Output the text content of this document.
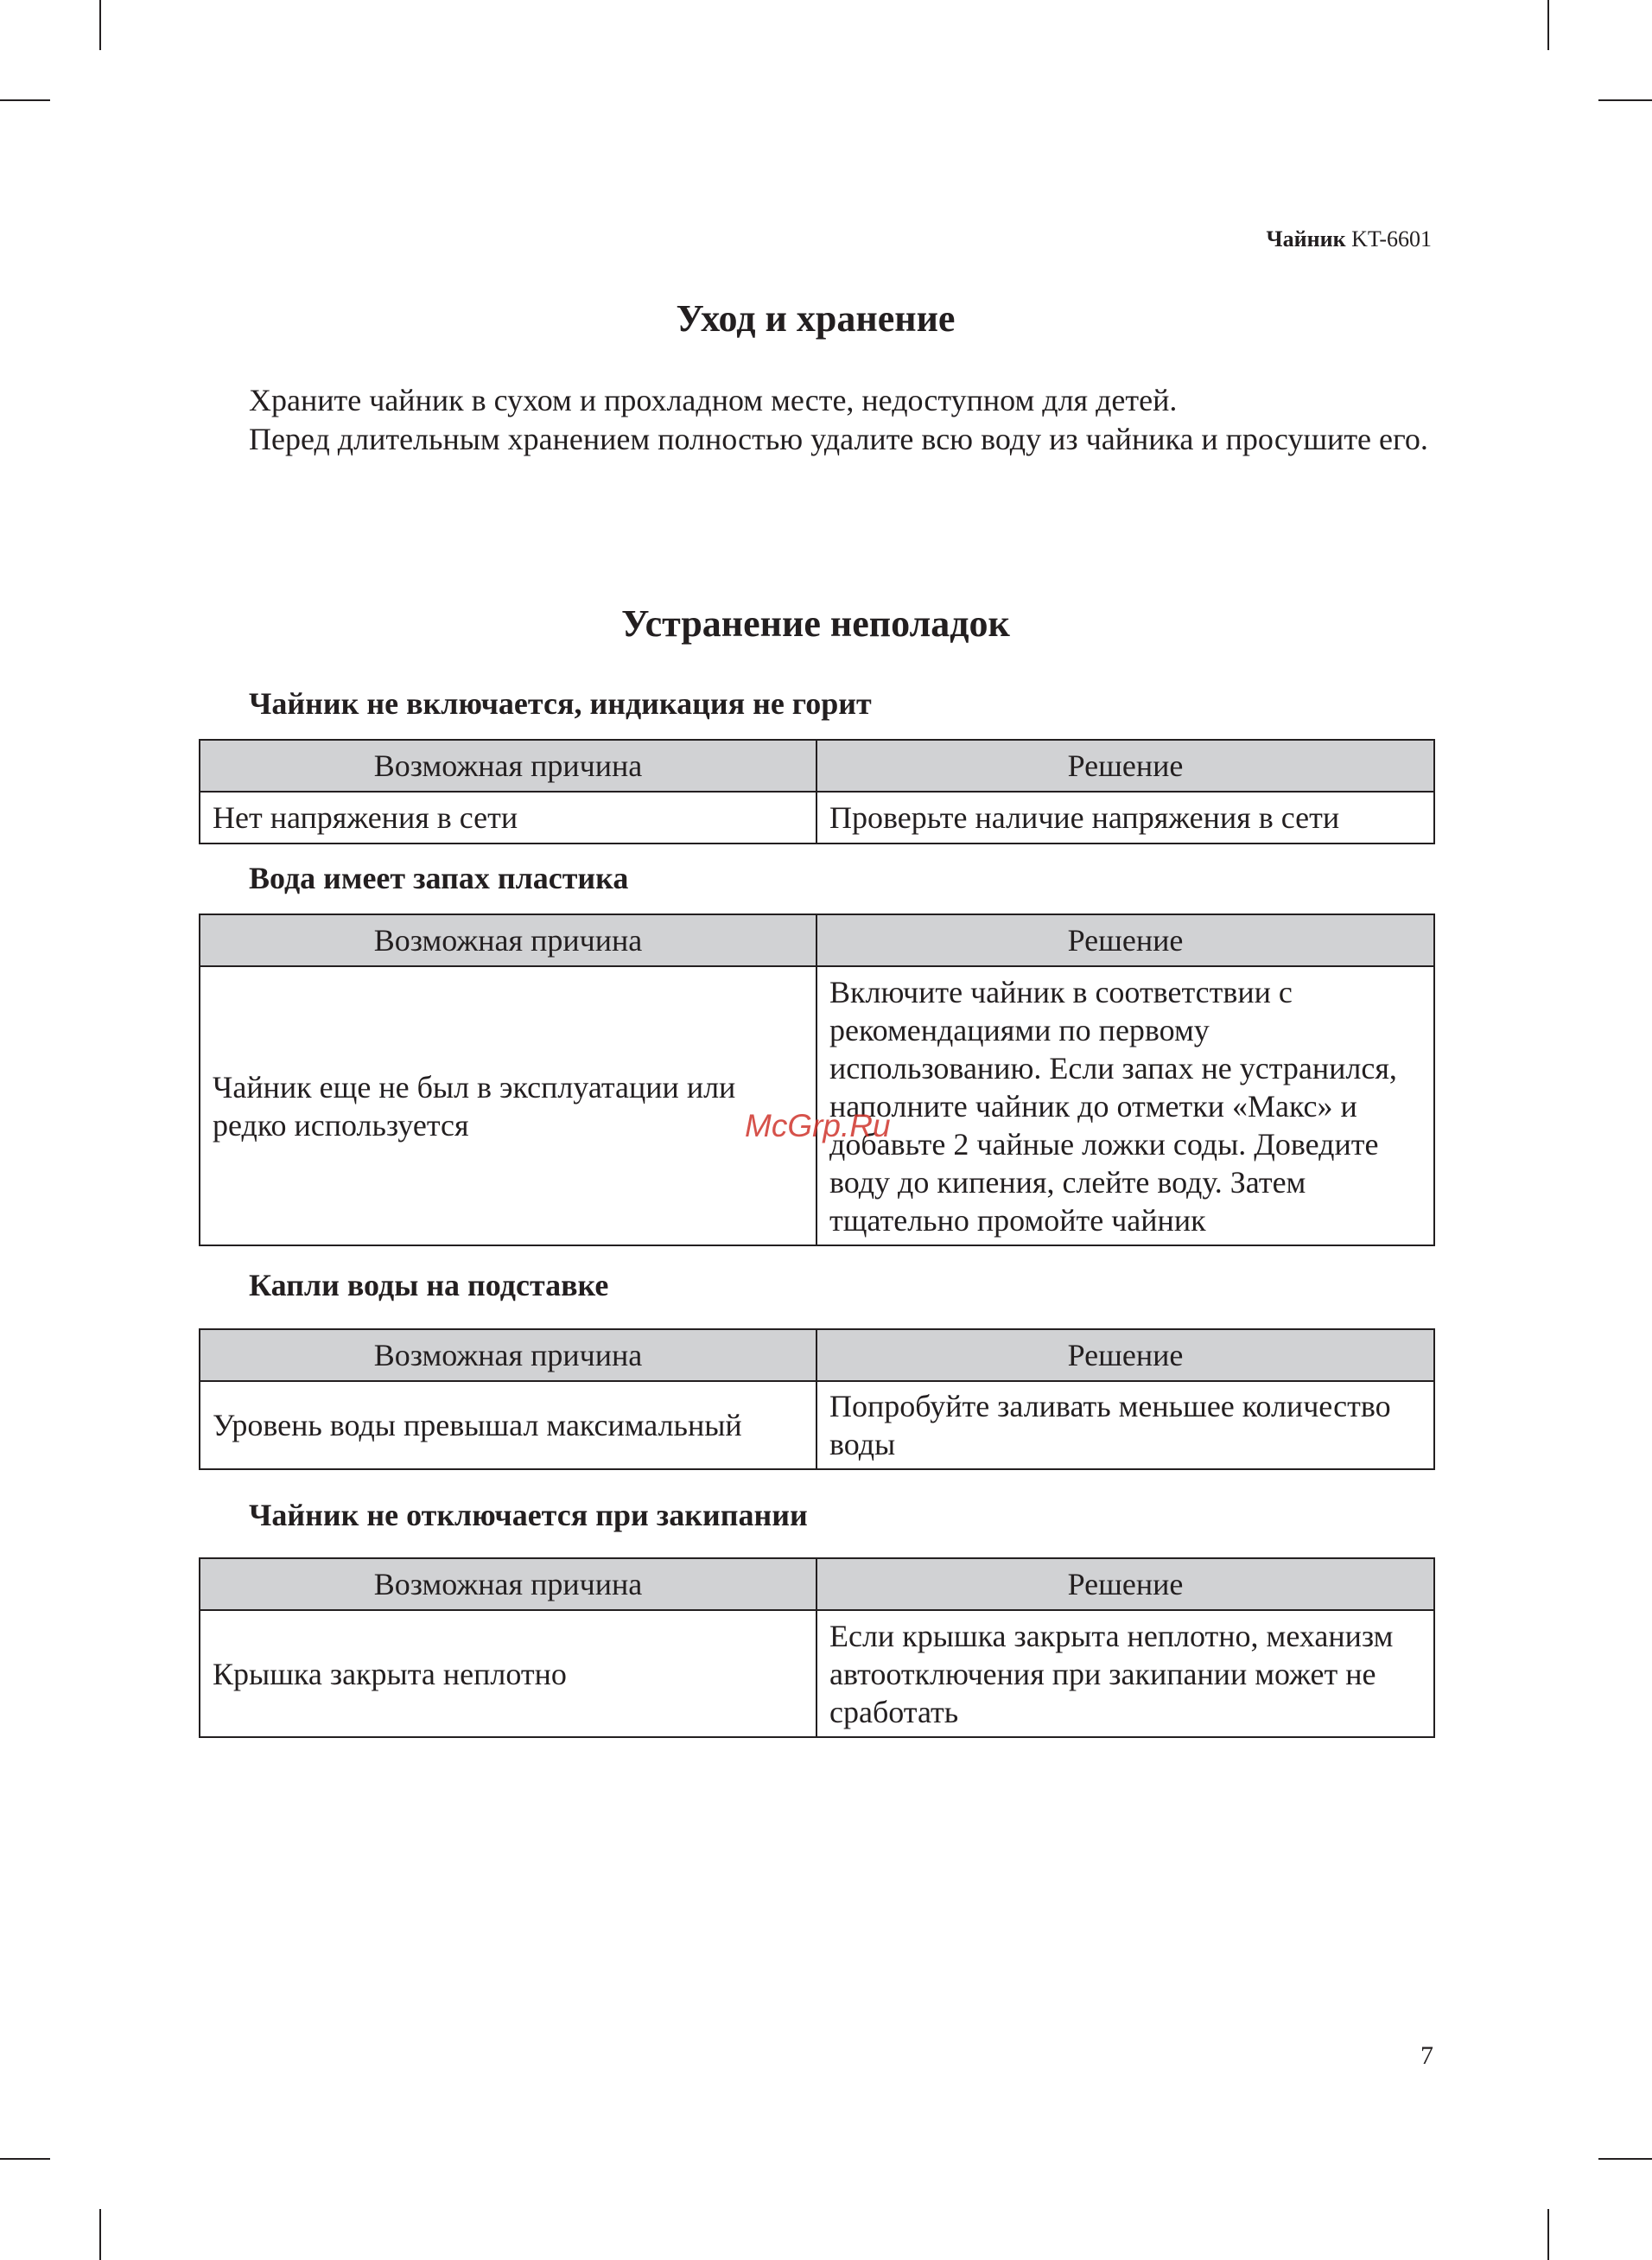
Чайник KT-6601
Уход и хранение

Храните чайник в сухом и прохладном месте, недоступном для детей.

Перед длительным хранением полностью удалите всю воду из чайника и просушите его.

Устранение неполадок
Чайник не включается, индикация не горит
Возможная причина	Решение
Нет напряжения в сети	Проверьте наличие напряжения в сети
Вода имеет запах пластика
Возможная причина	Решение
Чайник еще не был в эксплуатации или редко используется	Включите чайник в соответствии с рекомендациями по первому использованию. Если запах не устранился, наполните чайник до отметки «Макс» и добавьте 2 чайные ложки соды. Доведите воду до кипения, слейте воду. Затем тщательно промойте чайник
Капли воды на подставке
Возможная причина	Решение
Уровень воды превышал максимальный	Попробуйте заливать меньшее количество воды
Чайник не отключается при закипании
Возможная причина	Решение
Крышка закрыта неплотно	Если крышка закрыта неплотно, механизм автоотключения при закипании может не сработать
McGrp.Ru
7
